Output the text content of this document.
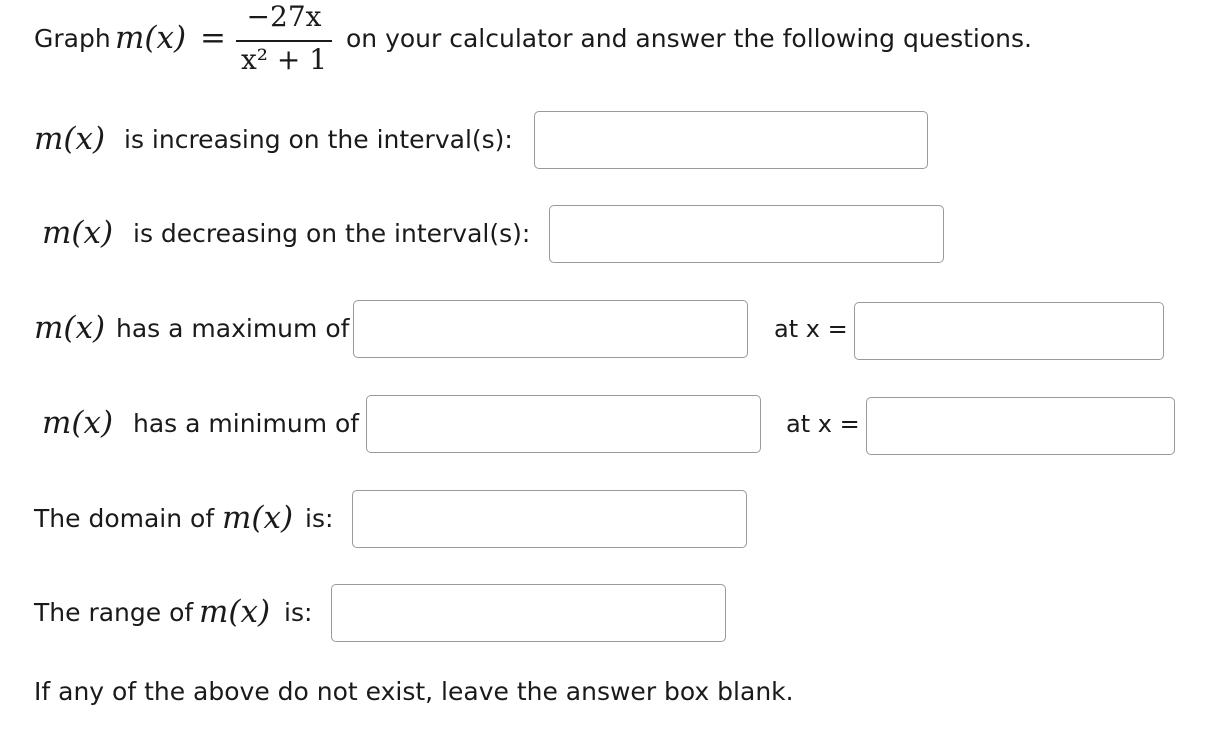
Graph m(x) =
−27x
x² + 1
on your calculator and answer the following questions.
m(x) is increasing on the interval(s):
m(x) is decreasing on the interval(s):
m(x) has a maximum of	at x =
m(x) has a minimum of	at x =
The domain of m(x) is:
The range of m(x) is:
If any of the above do not exist, leave the answer box blank.
